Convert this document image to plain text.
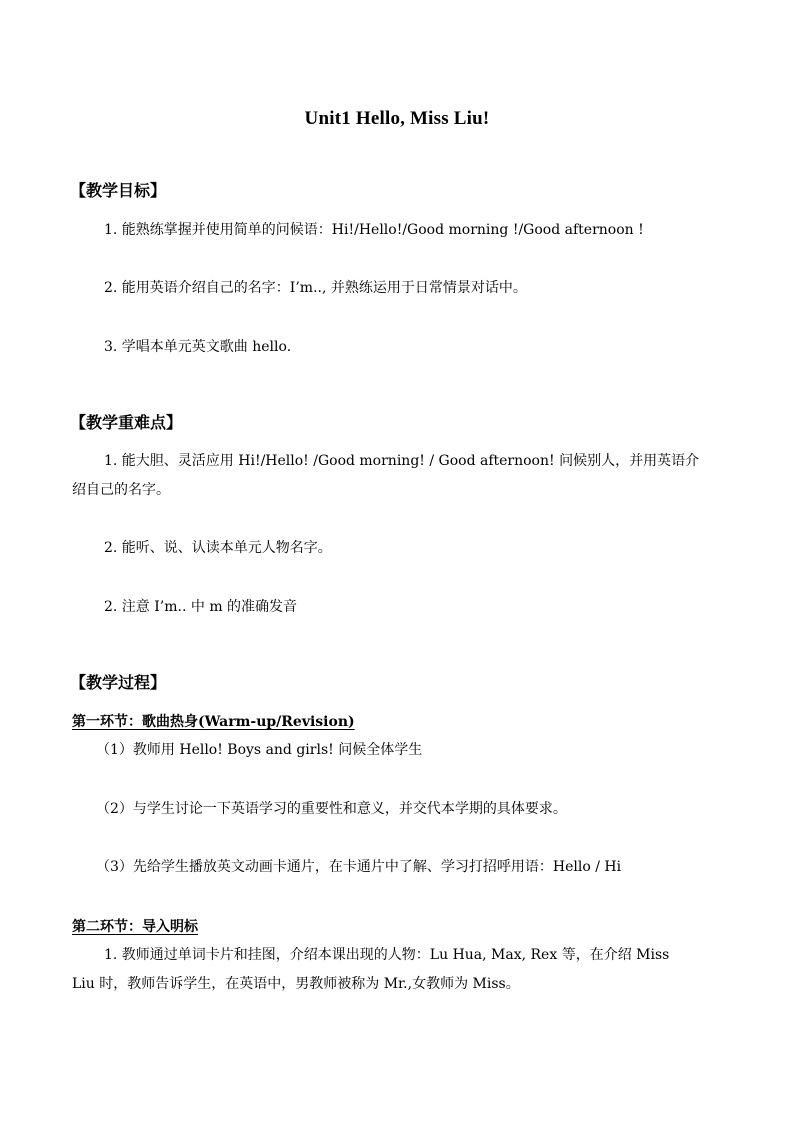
Unit1 Hello, Miss Liu!
【教学目标】
1. 能熟练掌握并使用简单的问候语：Hi!/Hello!/Good morning !/Good afternoon !
2. 能用英语介绍自己的名字：I’m.., 并熟练运用于日常情景对话中。
3. 学唱本单元英文歌曲 hello.
【教学重难点】
1. 能大胆、灵活应用 Hi!/Hello! /Good morning! / Good afternoon! 问候别人，并用英语介
绍自己的名字。
2. 能听、说、认读本单元人物名字。
2. 注意 I’m.. 中 m 的准确发音
【教学过程】
第一环节：歌曲热身(Warm-up/Revision)
（1）教师用 Hello! Boys and girls! 问候全体学生
（2）与学生讨论一下英语学习的重要性和意义，并交代本学期的具体要求。
（3）先给学生播放英文动画卡通片，在卡通片中了解、学习打招呼用语：Hello / Hi
第二环节：导入明标
1. 教师通过单词卡片和挂图，介绍本课出现的人物：Lu Hua, Max, Rex 等，在介绍 Miss
Liu 时，教师告诉学生，在英语中，男教师被称为 Mr.,女教师为 Miss。
